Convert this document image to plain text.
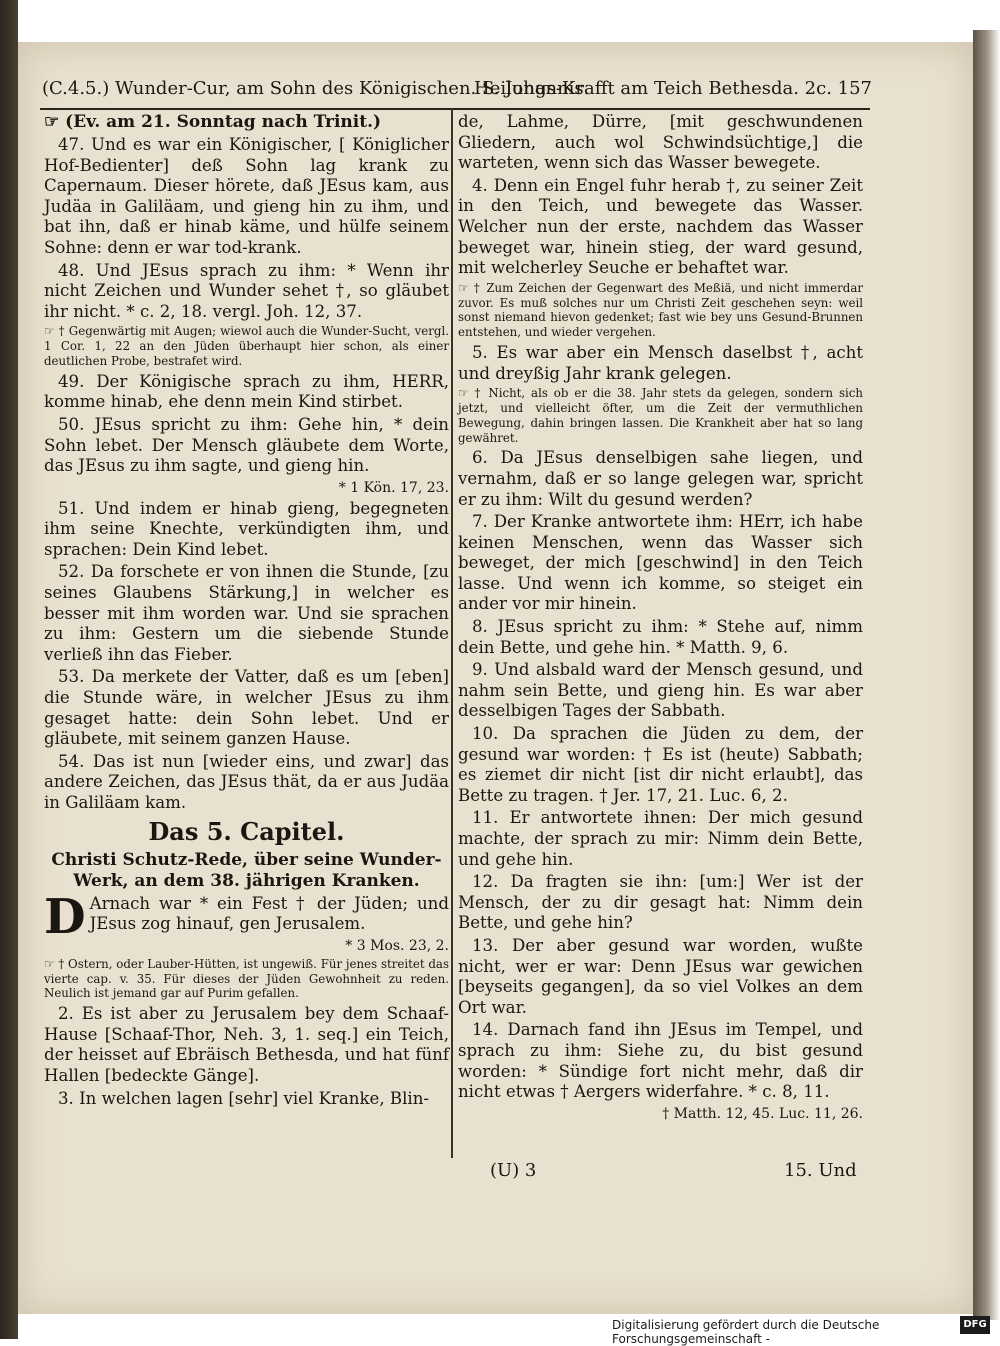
(C.4.5.) Wunder-Cur, am Sohn des Königischen. S. Johannis.
Heilungs-Krafft am Teich Bethesda. 2c. 157

☞ (Ev. am 21. Sonntag nach Trinit.)

47. Und es war ein Königischer, [ Königlicher Hof-Bedienter] deß Sohn lag krank zu Capernaum. Dieser hörete, daß JEsus kam, aus Judäa in Galiläam, und gieng hin zu ihm, und bat ihn, daß er hinab käme, und hülfe seinem Sohne: denn er war tod-krank.

48. Und JEsus sprach zu ihm: * Wenn ihr nicht Zeichen und Wunder sehet †, so gläubet ihr nicht. * c. 2, 18. vergl. Joh. 12, 37.

☞ † Gegenwärtig mit Augen; wiewol auch die Wunder-Sucht, vergl. 1 Cor. 1, 22 an den Jüden überhaupt hier schon, als einer deutlichen Probe, bestrafet wird.

49. Der Königische sprach zu ihm, HERR, komme hinab, ehe denn mein Kind stirbet.

50. JEsus spricht zu ihm: Gehe hin, * dein Sohn lebet. Der Mensch gläubete dem Worte, das JEsus zu ihm sagte, und gieng hin.

* 1 Kön. 17, 23.

51. Und indem er hinab gieng, begegneten ihm seine Knechte, verkündigten ihm, und sprachen: Dein Kind lebet.

52. Da forschete er von ihnen die Stunde, [zu seines Glaubens Stärkung,] in welcher es besser mit ihm worden war. Und sie sprachen zu ihm: Gestern um die siebende Stunde verließ ihn das Fieber.

53. Da merkete der Vatter, daß es um [eben] die Stunde wäre, in welcher JEsus zu ihm gesaget hatte: dein Sohn lebet. Und er gläubete, mit seinem ganzen Hause.

54. Das ist nun [wieder eins, und zwar] das andere Zeichen, das JEsus thät, da er aus Judäa in Galiläam kam.

Das 5. Capitel.

Christi Schutz-Rede, über seine Wunder-Werk, an dem 38. jährigen Kranken.

D Arnach war * ein Fest † der Jüden; und JEsus zog hinauf, gen Jerusalem.

* 3 Mos. 23, 2.

☞ † Ostern, oder Lauber-Hütten, ist ungewiß. Für jenes streitet das vierte cap. v. 35. Für dieses der Jüden Gewohnheit zu reden. Neulich ist jemand gar auf Purim gefallen.

2. Es ist aber zu Jerusalem bey dem Schaaf-Hause [Schaaf-Thor, Neh. 3, 1. seq.] ein Teich, der heisset auf Ebräisch Bethesda, und hat fünf Hallen [bedeckte Gänge].

3. In welchen lagen [sehr] viel Kranke, Blin-

de, Lahme, Dürre, [mit geschwundenen Gliedern, auch wol Schwindsüchtige,] die warteten, wenn sich das Wasser bewegete.

4. Denn ein Engel fuhr herab †, zu seiner Zeit in den Teich, und bewegete das Wasser. Welcher nun der erste, nachdem das Wasser beweget war, hinein stieg, der ward gesund, mit welcherley Seuche er behaftet war.

☞ † Zum Zeichen der Gegenwart des Meßiä, und nicht immerdar zuvor. Es muß solches nur um Christi Zeit geschehen seyn: weil sonst niemand hievon gedenket; fast wie bey uns Gesund-Brunnen entstehen, und wieder vergehen.

5. Es war aber ein Mensch daselbst †, acht und dreyßig Jahr krank gelegen.

☞ † Nicht, als ob er die 38. Jahr stets da gelegen, sondern sich jetzt, und vielleicht öfter, um die Zeit der vermuthlichen Bewegung, dahin bringen lassen. Die Krankheit aber hat so lang gewähret.

6. Da JEsus denselbigen sahe liegen, und vernahm, daß er so lange gelegen war, spricht er zu ihm: Wilt du gesund werden?

7. Der Kranke antwortete ihm: HErr, ich habe keinen Menschen, wenn das Wasser sich beweget, der mich [geschwind] in den Teich lasse. Und wenn ich komme, so steiget ein ander vor mir hinein.

8. JEsus spricht zu ihm: * Stehe auf, nimm dein Bette, und gehe hin. * Matth. 9, 6.

9. Und alsbald ward der Mensch gesund, und nahm sein Bette, und gieng hin. Es war aber desselbigen Tages der Sabbath.

10. Da sprachen die Jüden zu dem, der gesund war worden: † Es ist (heute) Sabbath; es ziemet dir nicht [ist dir nicht erlaubt], das Bette zu tragen. † Jer. 17, 21. Luc. 6, 2.

11. Er antwortete ihnen: Der mich gesund machte, der sprach zu mir: Nimm dein Bette, und gehe hin.

12. Da fragten sie ihn: [um:] Wer ist der Mensch, der zu dir gesagt hat: Nimm dein Bette, und gehe hin?

13. Der aber gesund war worden, wußte nicht, wer er war: Denn JEsus war gewichen [beyseits gegangen], da so viel Volkes an dem Ort war.

14. Darnach fand ihn JEsus im Tempel, und sprach zu ihm: Siehe zu, du bist gesund worden: * Sündige fort nicht mehr, daß dir nicht etwas † Aergers widerfahre. * c. 8, 11.

† Matth. 12, 45. Luc. 11, 26.

(U) 3	15. Und
Digitalisierung gefördert durch die Deutsche Forschungsgemeinschaft -
DFG
